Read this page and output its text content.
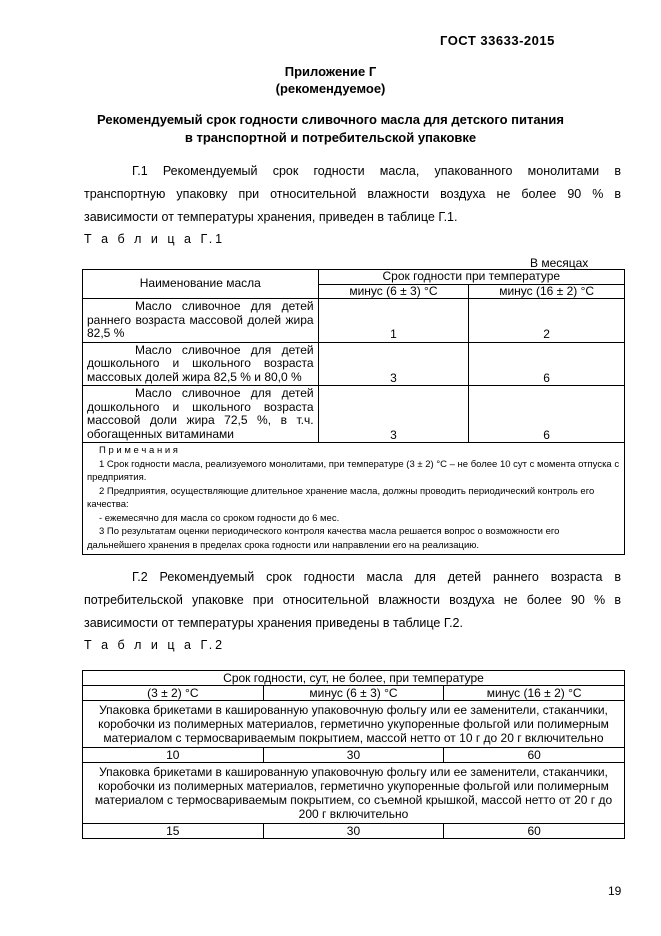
ГОСТ 33633-2015
Приложение Г
(рекомендуемое)
Рекомендуемый срок годности сливочного масла для детского питания
в транспортной и потребительской упаковке
Г.1 Рекомендуемый срок годности масла, упакованного монолитами в транспортную упаковку при относительной влажности воздуха не более 90 % в зависимости от температуры хранения, приведен в таблице Г.1.
Т а б л и ц а Г.1
В месяцах
Наименование масла	Срок годности при температуре	
	минус (6 ± 3) °С	минус (16 ± 2) °С
Масло сливочное для детей раннего возраста массовой долей жира 82,5 %	1	2
Масло сливочное для детей дошкольного и школьного возраста массовых долей жира 82,5 % и 80,0 %	3	6
Масло сливочное для детей дошкольного и школьного возраста массовой доли жира 72,5 %, в т.ч. обогащенных витаминами	3	6

П р и м е ч а н и я
1 Срок годности масла, реализуемого монолитами, при температуре (3 ± 2) °С – не более 10 сут с момента отпуска с предприятия.
2 Предприятия, осуществляющие длительное хранение масла, должны проводить периодический контроль его качества:
- ежемесячно для масла со сроком годности до 6 мес.
3 По результатам оценки периодического контроля качества масла решается вопрос о возможности его дальнейшего хранения в пределах срока годности или направлении его на реализацию.		
Г.2 Рекомендуемый срок годности масла для детей раннего возраста в потребительской упаковке при относительной влажности воздуха не более 90 % в зависимости от температуры хранения приведены в таблице Г.2.
Т а б л и ц а Г.2
Срок годности, сут, не более, при температуре		
(3 ± 2) °С	минус (6 ± 3) °С	минус (16 ± 2) °С
Упаковка брикетами в кашированную упаковочную фольгу или ее заменители, стаканчики, коробочки из полимерных материалов, герметично укупоренные фольгой или полимерным материалом с термосвариваемым покрытием, массой нетто от 10 г до 20 г включительно		
10	30	60
Упаковка брикетами в кашированную упаковочную фольгу или ее заменители, стаканчики, коробочки из полимерных материалов, герметично укупоренные фольгой или полимерным материалом с термосвариваемым покрытием, со съемной крышкой, массой нетто от 20 г до 200 г включительно		
15	30	60
19
